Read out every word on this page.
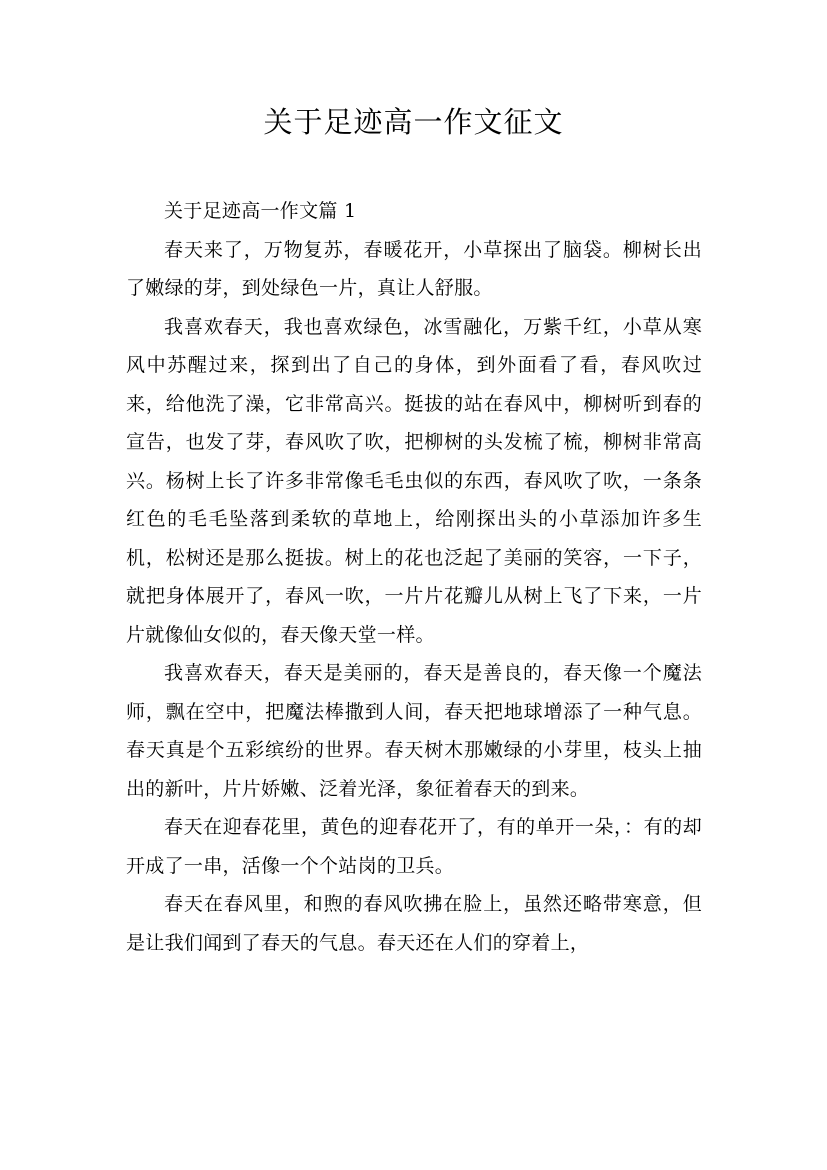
关于足迹高一作文征文

关于足迹高一作文篇 1

春天来了，万物复苏，春暖花开，小草探出了脑袋。柳树长出了嫩绿的芽，到处绿色一片，真让人舒服。

我喜欢春天，我也喜欢绿色，冰雪融化，万紫千红，小草从寒风中苏醒过来，探到出了自己的身体，到外面看了看，春风吹过来，给他洗了澡，它非常高兴。挺拔的站在春风中，柳树听到春的宣告，也发了芽，春风吹了吹，把柳树的头发梳了梳，柳树非常高兴。杨树上长了许多非常像毛毛虫似的东西，春风吹了吹，一条条红色的毛毛坠落到柔软的草地上，给刚探出头的小草添加许多生机，松树还是那么挺拔。树上的花也泛起了美丽的笑容，一下子，就把身体展开了，春风一吹，一片片花瓣儿从树上飞了下来，一片片就像仙女似的，春天像天堂一样。

我喜欢春天，春天是美丽的，春天是善良的，春天像一个魔法师，飘在空中，把魔法棒撒到人间，春天把地球增添了一种气息。春天真是个五彩缤纷的世界。春天树木那嫩绿的小芽里，枝头上抽出的新叶，片片娇嫩、泛着光泽，象征着春天的到来。

春天在迎春花里，黄色的迎春花开了，有的单开一朵，：有的却开成了一串，活像一个个站岗的卫兵。

春天在春风里，和煦的春风吹拂在脸上，虽然还略带寒意，但是让我们闻到了春天的气息。春天还在人们的穿着上，
